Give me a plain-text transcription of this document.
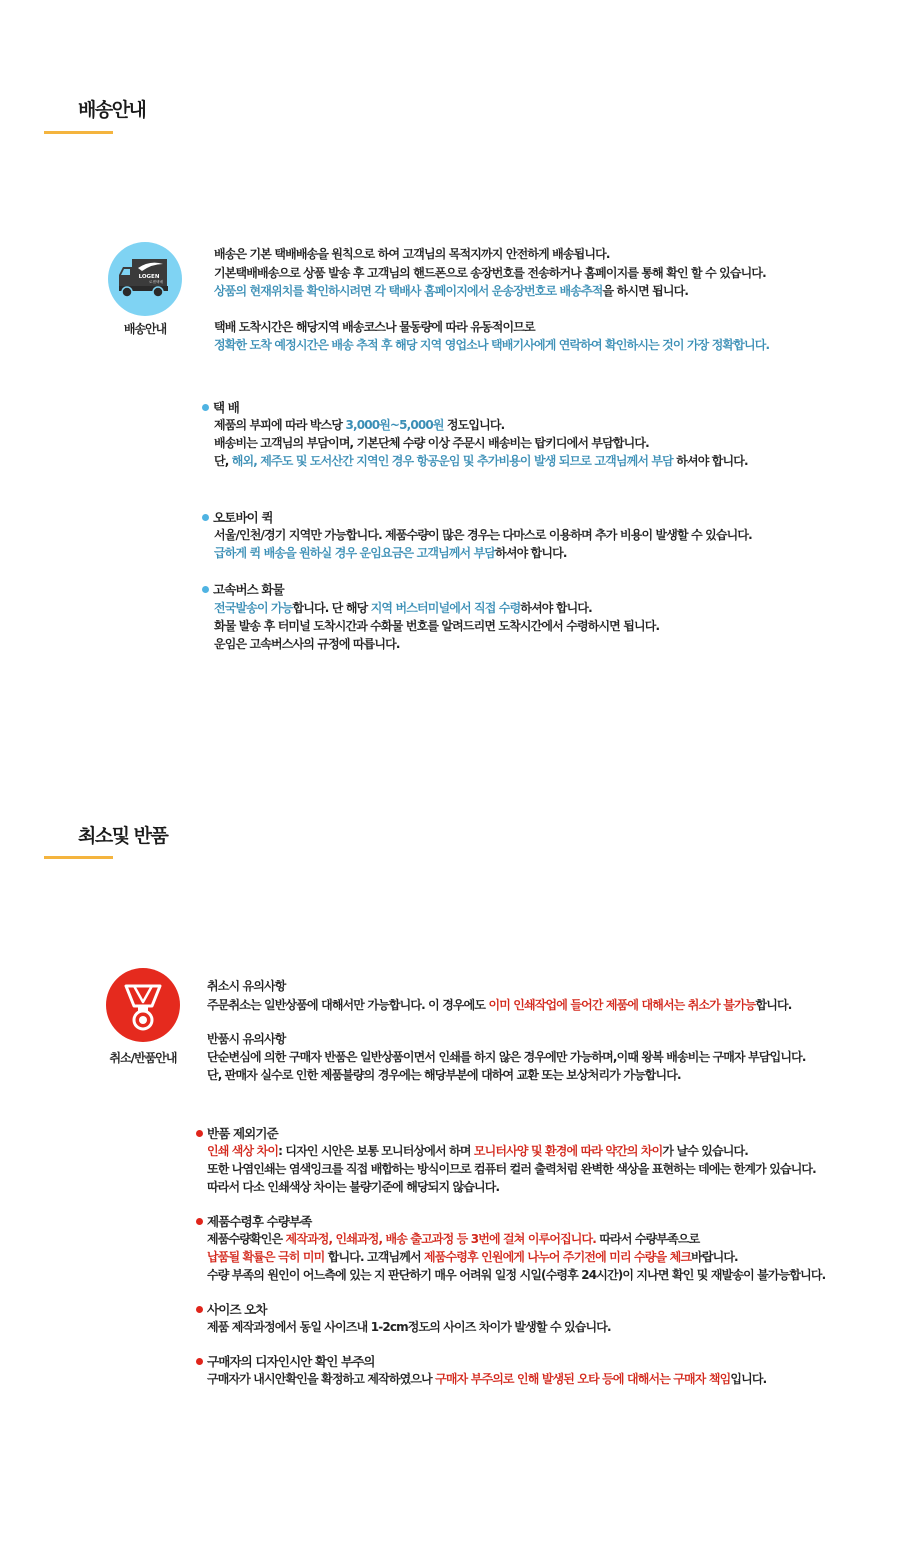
배송안내
LOGEN
로젠택배
배송안내
배송은 기본 택배배송을 원칙으로 하여 고객님의 목적지까지 안전하게 배송됩니다.
기본택배배송으로 상품 발송 후 고객님의 핸드폰으로 송장번호를 전송하거나 홈페이지를 통해 확인 할 수 있습니다.
상품의 현재위치를 확인하시려면 각 택배사 홈페이지에서 운송장번호로 배송추적을 하시면 됩니다.
택배 도착시간은 해당지역 배송코스나 물동량에 따라 유동적이므로
정확한 도착 예정시간은 배송 추적 후 해당 지역 영업소나 택배기사에게 연락하여 확인하시는 것이 가장 정확합니다.
택 배
제품의 부피에 따라 박스당 3,000원~5,000원 정도입니다.
배송비는 고객님의 부담이며, 기본단체 수량 이상 주문시 배송비는 탑키디에서 부담합니다.
단, 해외, 제주도 및 도서산간 지역인 경우 항공운임 및 추가비용이 발생 되므로 고객님께서 부담 하셔야 합니다.
오토바이 퀵
서울/인천/경기 지역만 가능합니다. 제품수량이 많은 경우는 다마스로 이용하며 추가 비용이 발생할 수 있습니다.
급하게 퀵 배송을 원하실 경우 운임요금은 고객님께서 부담하셔야 합니다.
고속버스 화물
전국발송이 가능합니다. 단 해당 지역 버스터미널에서 직접 수령하셔야 합니다.
화물 발송 후 터미널 도착시간과 수화물 번호를 알려드리면 도착시간에서 수령하시면 됩니다.
운임은 고속버스사의 규정에 따릅니다.
최소및 반품
취소/반품안내
취소시 유의사항
주문취소는 일반상품에 대해서만 가능합니다. 이 경우에도 이미 인쇄작업에 들어간 제품에 대해서는 취소가 불가능합니다.
반품시 유의사항
단순변심에 의한 구매자 반품은 일반상품이면서 인쇄를 하지 않은 경우에만 가능하며,이때 왕복 배송비는 구매자 부담입니다.
단, 판매자 실수로 인한 제품불량의 경우에는 해당부분에 대하여 교환 또는 보상처리가 가능합니다.
반품 제외기준
인쇄 색상 차이: 디자인 시안은 보통 모니터상에서 하며 모니터사양 및 환경에 따라 약간의 차이가 날수 있습니다.
또한 나염인쇄는 염색잉크를 직접 배합하는 방식이므로 컴퓨터 컬러 출력처럼 완벽한 색상을 표현하는 데에는 한계가 있습니다.
따라서 다소 인쇄색상 차이는 불량기준에 해당되지 않습니다.
제품수령후 수량부족
제품수량확인은 제작과정, 인쇄과정, 배송 출고과정 등 3번에 걸쳐 이루어집니다. 따라서 수량부족으로
납품될 확률은 극히 미미 합니다. 고객님께서 제품수령후 인원에게 나누어 주기전에 미리 수량을 체크바랍니다.
수량 부족의 원인이 어느측에 있는 지 판단하기 매우 어려워 일정 시일(수령후 24시간)이 지나면 확인 및 재발송이 불가능합니다.
사이즈 오차
제품 제작과정에서 동일 사이즈내 1-2cm정도의 사이즈 차이가 발생할 수 있습니다.
구매자의 디자인시안 확인 부주의
구매자가 내시안확인을 확정하고 제작하였으나 구매자 부주의로 인해 발생된 오타 등에 대해서는 구매자 책임입니다.
